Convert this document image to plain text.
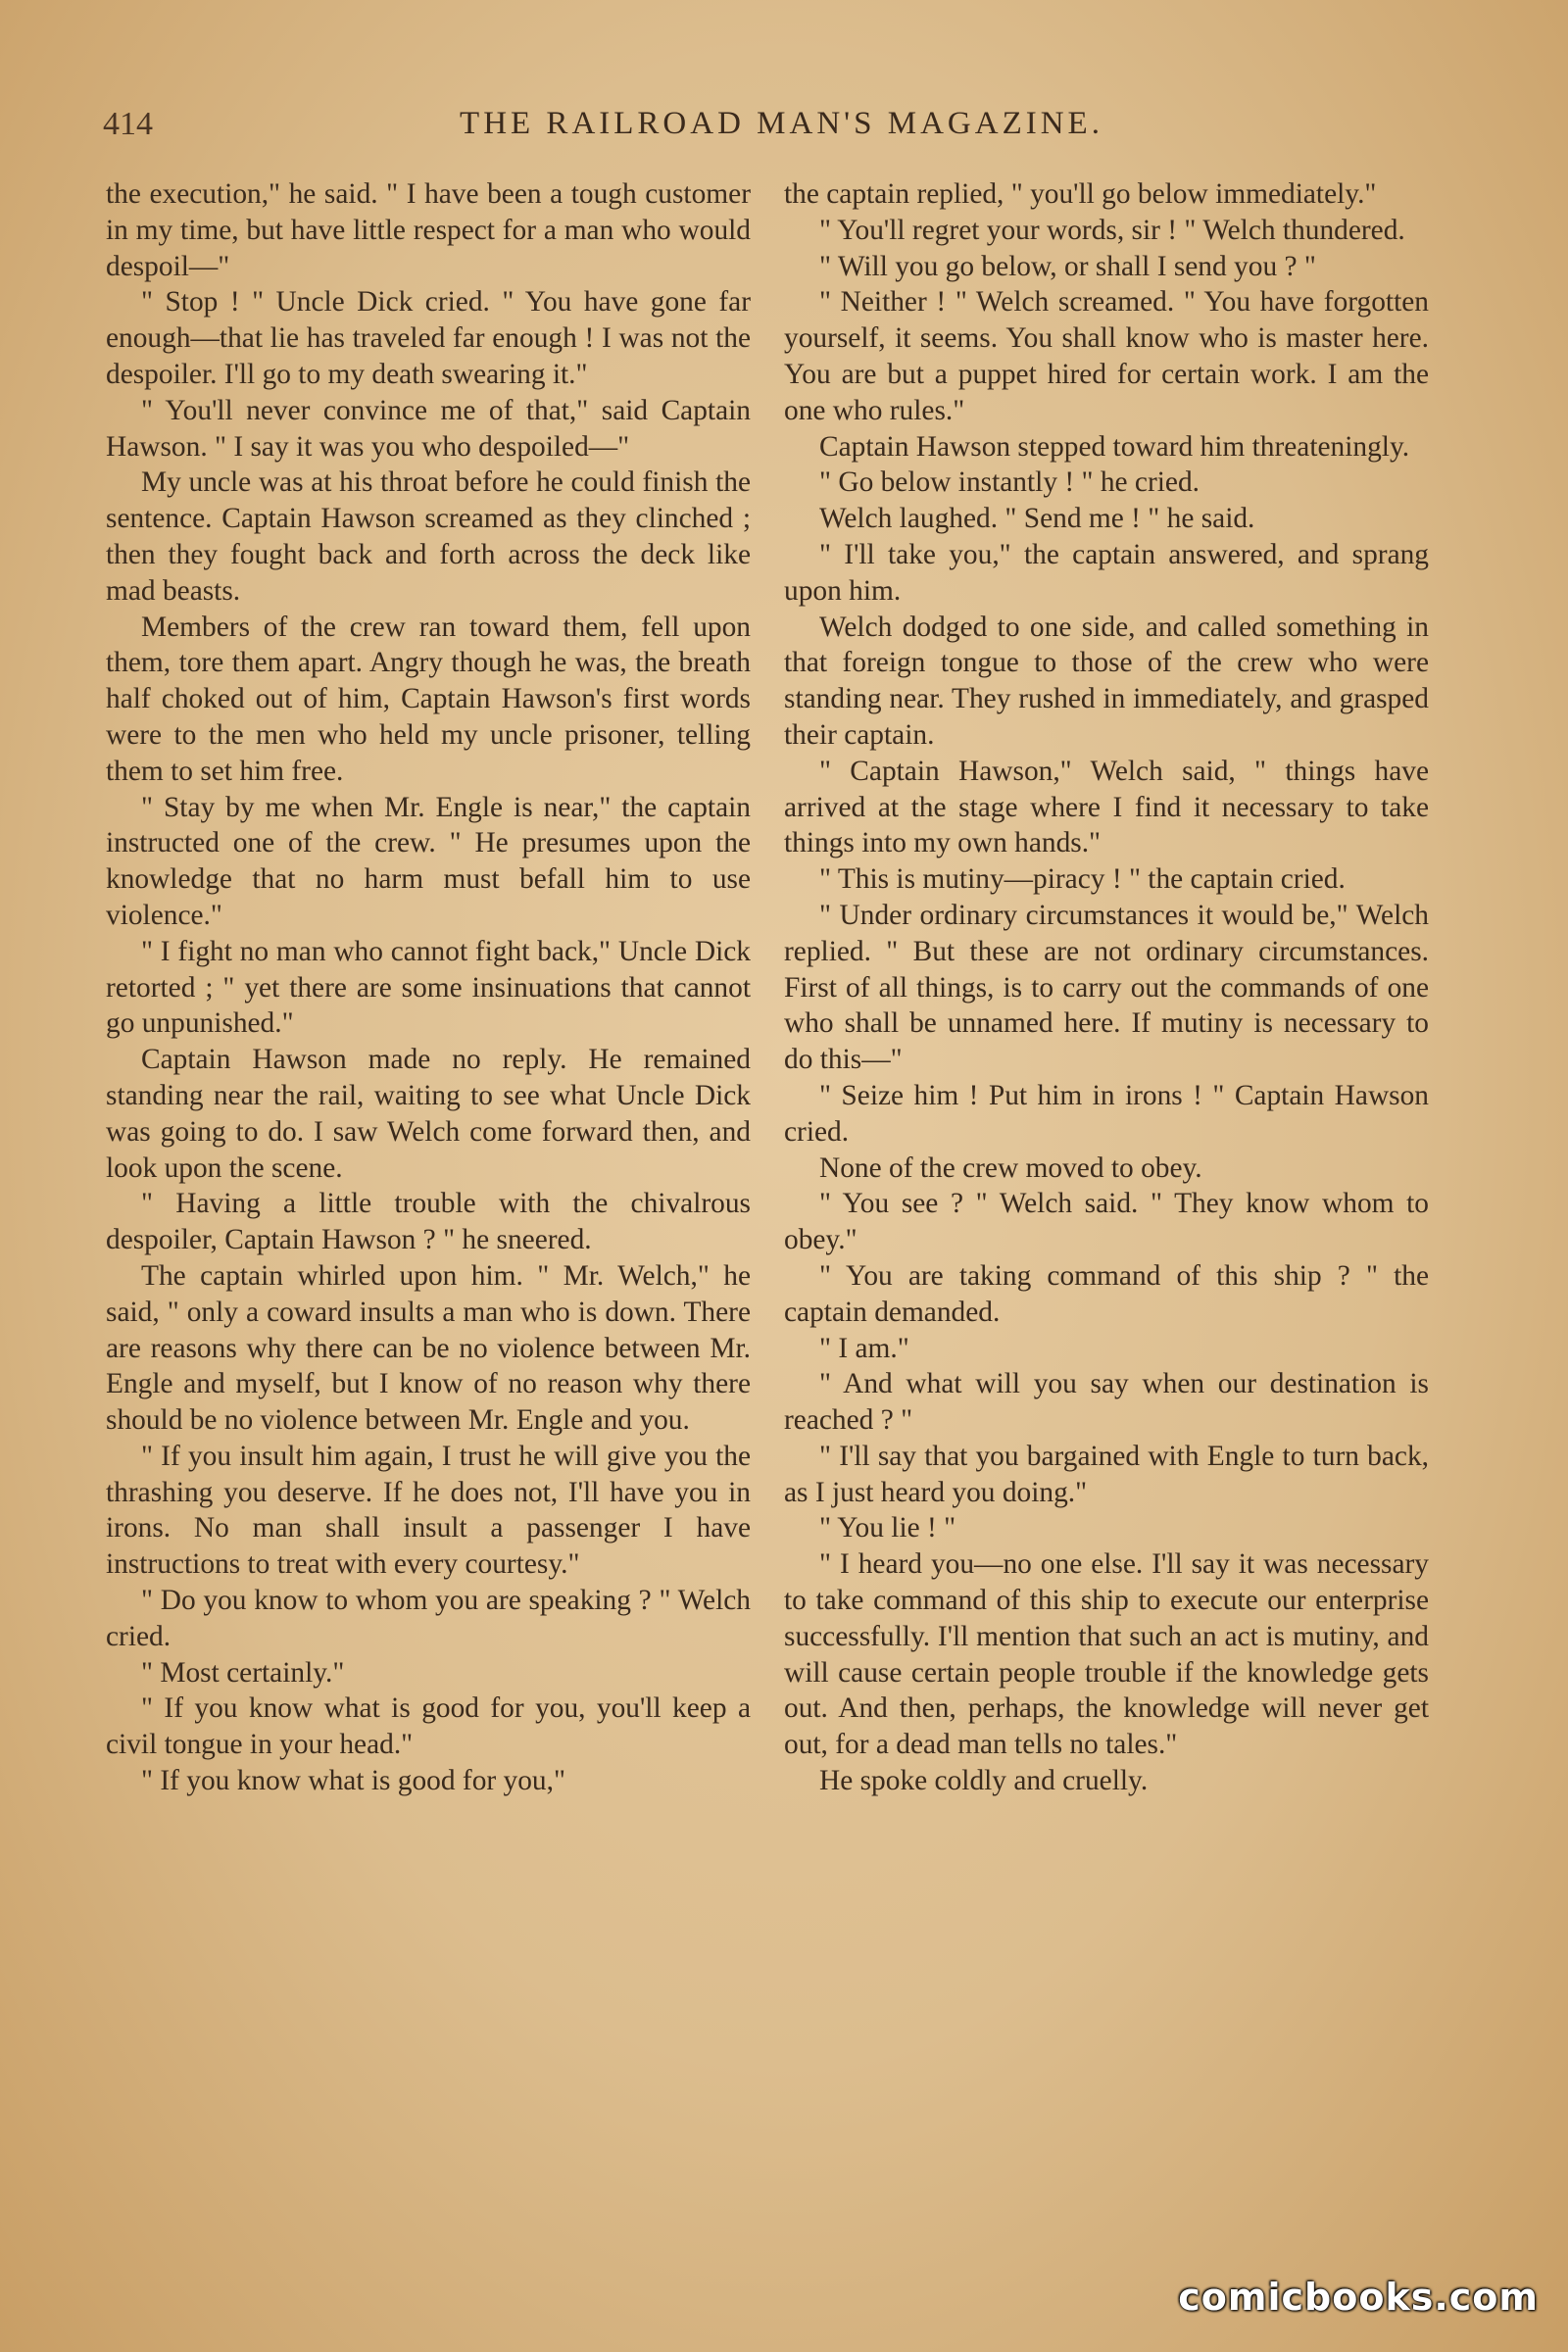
414	THE RAILROAD MAN'S MAGAZINE.

the execution," he said. " I have been a tough customer in my time, but have little respect for a man who would despoil—"

" Stop ! " Uncle Dick cried. " You have gone far enough—that lie has traveled far enough ! I was not the despoiler. I'll go to my death swearing it."

" You'll never convince me of that," said Captain Hawson. " I say it was you who despoiled—"

My uncle was at his throat before he could finish the sentence. Captain Hawson screamed as they clinched ; then they fought back and forth across the deck like mad beasts.

Members of the crew ran toward them, fell upon them, tore them apart. Angry though he was, the breath half choked out of him, Captain Hawson's first words were to the men who held my uncle prisoner, telling them to set him free.

" Stay by me when Mr. Engle is near," the captain instructed one of the crew. " He presumes upon the knowledge that no harm must befall him to use violence."

" I fight no man who cannot fight back," Uncle Dick retorted ; " yet there are some insinuations that cannot go unpunished."

Captain Hawson made no reply. He remained standing near the rail, waiting to see what Uncle Dick was going to do. I saw Welch come forward then, and look upon the scene.

" Having a little trouble with the chivalrous despoiler, Captain Hawson ? " he sneered.

The captain whirled upon him. " Mr. Welch," he said, " only a coward insults a man who is down. There are reasons why there can be no violence between Mr. Engle and myself, but I know of no reason why there should be no violence between Mr. Engle and you.

" If you insult him again, I trust he will give you the thrashing you deserve. If he does not, I'll have you in irons. No man shall insult a passenger I have instructions to treat with every courtesy."

" Do you know to whom you are speaking ? " Welch cried.

" Most certainly."

" If you know what is good for you, you'll keep a civil tongue in your head."

" If you know what is good for you,"

the captain replied, " you'll go below immediately."

" You'll regret your words, sir ! " Welch thundered.

" Will you go below, or shall I send you ? "

" Neither ! " Welch screamed. " You have forgotten yourself, it seems. You shall know who is master here. You are but a puppet hired for certain work. I am the one who rules."

Captain Hawson stepped toward him threateningly.

" Go below instantly ! " he cried.

Welch laughed. " Send me ! " he said.

" I'll take you," the captain answered, and sprang upon him.

Welch dodged to one side, and called something in that foreign tongue to those of the crew who were standing near. They rushed in immediately, and grasped their captain.

" Captain Hawson," Welch said, " things have arrived at the stage where I find it necessary to take things into my own hands."

" This is mutiny—piracy ! " the captain cried.

" Under ordinary circumstances it would be," Welch replied. " But these are not ordinary circumstances. First of all things, is to carry out the commands of one who shall be unnamed here. If mutiny is necessary to do this—"

" Seize him ! Put him in irons ! " Captain Hawson cried.

None of the crew moved to obey.

" You see ? " Welch said. " They know whom to obey."

" You are taking command of this ship ? " the captain demanded.

" I am."

" And what will you say when our destination is reached ? "

" I'll say that you bargained with Engle to turn back, as I just heard you doing."

" You lie ! "

" I heard you—no one else. I'll say it was necessary to take command of this ship to execute our enterprise successfully. I'll mention that such an act is mutiny, and will cause certain people trouble if the knowledge gets out. And then, perhaps, the knowledge will never get out, for a dead man tells no tales."

He spoke coldly and cruelly.

comicbooks.com
